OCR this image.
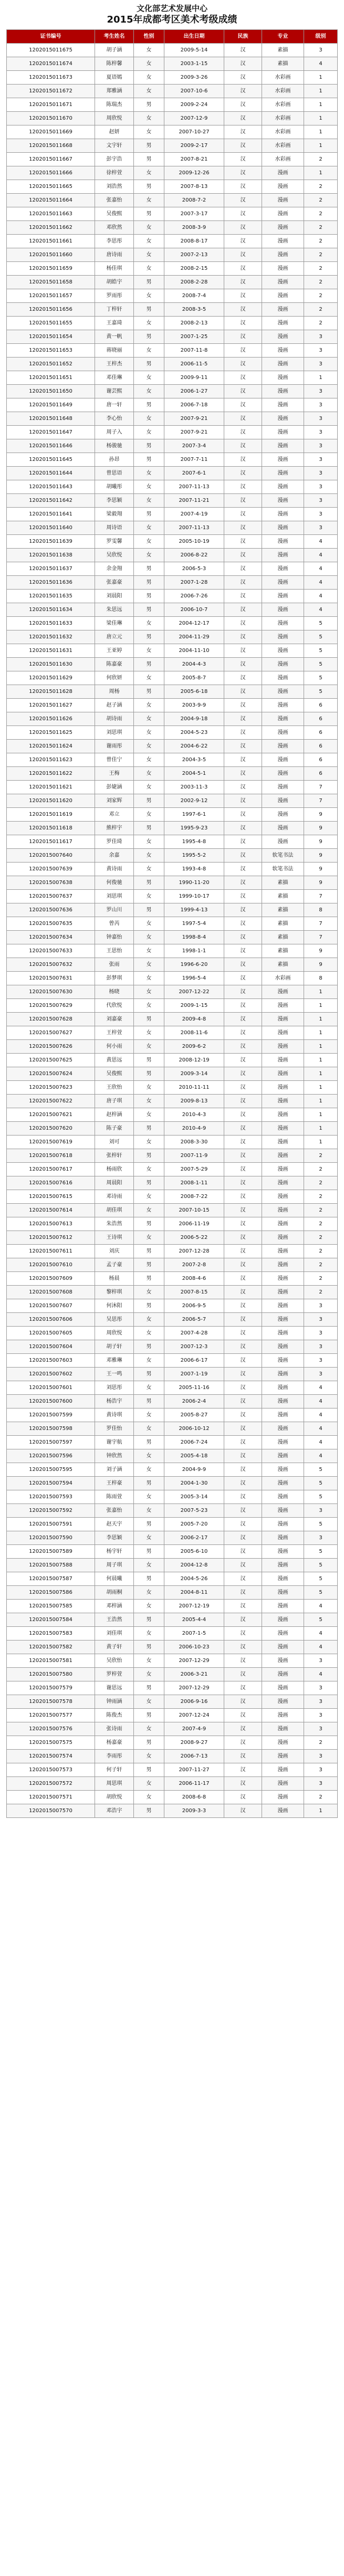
文化部艺术发展中心
2015年成都考区美术考级成绩
证书编号	考生姓名	性别	出生日期	民族	专业	级别
1202015011675	胡子涵	女	2009-5-14	汉	素描	3
1202015011674	陈梓馨	女	2003-1-15	汉	素描	4
1202015011673	夏语嫣	女	2009-3-26	汉	水彩画	1
1202015011672	郑雅涵	女	2007-10-6	汉	水彩画	1
1202015011671	陈瑞杰	男	2009-2-24	汉	水彩画	1
1202015011670	周欣悦	女	2007-12-9	汉	水彩画	1
1202015011669	赵妍	女	2007-10-27	汉	水彩画	1
1202015011668	文宇轩	男	2009-2-17	汉	水彩画	1
1202015011667	彭宇浩	男	2007-8-21	汉	水彩画	2
1202015011666	徐梓萱	女	2009-12-26	汉	漫画	1
1202015011665	刘浩然	男	2007-8-13	汉	漫画	2
1202015011664	张嘉怡	女	2008-7-2	汉	漫画	2
1202015011663	吴俊熙	男	2007-3-17	汉	漫画	2
1202015011662	邓欣然	女	2008-3-9	汉	漫画	2
1202015011661	李思彤	女	2008-8-17	汉	漫画	2
1202015011660	唐诗雨	女	2007-2-13	汉	漫画	2
1202015011659	杨佳琪	女	2008-2-15	汉	漫画	2
1202015011658	胡皓宇	男	2008-2-28	汉	漫画	2
1202015011657	罗雨彤	女	2008-7-4	汉	漫画	2
1202015011656	丁梓轩	男	2008-3-5	汉	漫画	2
1202015011655	王嘉琦	女	2008-2-13	汉	漫画	2
1202015011654	黄一帆	男	2007-1-25	汉	漫画	3
1202015011653	蒋晓丽	女	2007-11-8	汉	漫画	3
1202015011652	王梓杰	男	2006-11-5	汉	漫画	3
1202015011651	邓佳琳	女	2009-9-11	汉	漫画	1
1202015011650	谢芸熙	女	2006-1-27	汉	漫画	3
1202015011649	唐一轩	男	2006-7-18	汉	漫画	3
1202015011648	李心怡	女	2007-9-21	汉	漫画	3
1202015011647	周子入	女	2007-9-21	汉	漫画	3
1202015011646	杨骏驰	男	2007-3-4	汉	漫画	3
1202015011645	孙昂	男	2007-7-11	汉	漫画	3
1202015011644	曾思语	女	2007-6-1	汉	漫画	3
1202015011643	胡曦彤	女	2007-11-13	汉	漫画	3
1202015011642	李思颖	女	2007-11-21	汉	漫画	3
1202015011641	梁毅翔	男	2007-4-19	汉	漫画	3
1202015011640	周诗语	女	2007-11-13	汉	漫画	3
1202015011639	罗雯馨	女	2005-10-19	汉	漫画	4
1202015011638	吴欣悦	女	2006-8-22	汉	漫画	4
1202015011637	余金翔	男	2006-5-3	汉	漫画	4
1202015011636	张嘉豪	男	2007-1-28	汉	漫画	4
1202015011635	刘晨阳	男	2006-7-26	汉	漫画	4
1202015011634	朱思远	男	2006-10-7	汉	漫画	4
1202015011633	梁佳琳	女	2004-12-17	汉	漫画	5
1202015011632	唐立元	男	2004-11-29	汉	漫画	5
1202015011631	王亚婷	女	2004-11-10	汉	漫画	5
1202015011630	陈嘉豪	男	2004-4-3	汉	漫画	5
1202015011629	何欣妍	女	2005-8-7	汉	漫画	5
1202015011628	周杨	男	2005-6-18	汉	漫画	5
1202015011627	赵子涵	女	2003-9-9	汉	漫画	6
1202015011626	胡诗雨	女	2004-9-18	汉	漫画	6
1202015011625	刘思琪	女	2004-5-23	汉	漫画	6
1202015011624	谢雨彤	女	2004-6-22	汉	漫画	6
1202015011623	曾佳宁	女	2004-3-5	汉	漫画	6
1202015011622	王梅	女	2004-5-1	汉	漫画	6
1202015011621	彭婕涵	女	2003-11-3	汉	漫画	7
1202015011620	刘家辉	男	2002-9-12	汉	漫画	7
1202015011619	邓立	女	1997-6-1	汉	漫画	9
1202015011618	熊梓宇	男	1995-9-23	汉	漫画	9
1202015011617	罗佳琦	女	1995-4-8	汉	漫画	9
1202015007640	余嘉	女	1995-5-2	汉	软笔书法	9
1202015007639	黄诗雨	女	1993-4-8	汉	软笔书法	9
1202015007638	何俊驰	男	1990-11-20	汉	素描	9
1202015007637	刘思琪	女	1999-10-17	汉	素描	7
1202015007636	罗山川	男	1999-4-13	汉	素描	8
1202015007635	曾芮	女	1997-5-4	汉	素描	7
1202015007634	钟嘉怡	女	1998-8-4	汉	素描	7
1202015007633	王思怡	女	1998-1-1	汉	素描	9
1202015007632	张雨	女	1996-6-20	汉	素描	9
1202015007631	彭梦琪	女	1996-5-4	汉	水彩画	8
1202015007630	杨晓	女	2007-12-22	汉	漫画	1
1202015007629	代欣悦	女	2009-1-15	汉	漫画	1
1202015007628	刘嘉豪	男	2009-4-8	汉	漫画	1
1202015007627	王梓萱	女	2008-11-6	汉	漫画	1
1202015007626	何小雨	女	2009-6-2	汉	漫画	1
1202015007625	黄思远	男	2008-12-19	汉	漫画	1
1202015007624	吴俊熙	男	2009-3-14	汉	漫画	1
1202015007623	王欣怡	女	2010-11-11	汉	漫画	1
1202015007622	唐子琪	女	2009-8-13	汉	漫画	1
1202015007621	赵梓涵	女	2010-4-3	汉	漫画	1
1202015007620	陈子豪	男	2010-4-9	汉	漫画	1
1202015007619	刘可	女	2008-3-30	汉	漫画	1
1202015007618	张梓轩	男	2007-11-9	汉	漫画	2
1202015007617	杨雨欣	女	2007-5-29	汉	漫画	2
1202015007616	周晨阳	男	2008-1-11	汉	漫画	2
1202015007615	邓诗雨	女	2008-7-22	汉	漫画	2
1202015007614	胡佳琪	女	2007-10-15	汉	漫画	2
1202015007613	朱浩然	男	2006-11-19	汉	漫画	2
1202015007612	王诗琪	女	2006-5-22	汉	漫画	2
1202015007611	刘庆	男	2007-12-28	汉	漫画	2
1202015007610	孟子豪	男	2007-2-8	汉	漫画	2
1202015007609	杨晨	男	2008-4-6	汉	漫画	2
1202015007608	黎梓琪	女	2007-8-15	汉	漫画	2
1202015007607	何沐阳	男	2006-9-5	汉	漫画	3
1202015007606	吴思彤	女	2006-5-7	汉	漫画	3
1202015007605	周欣悦	女	2007-4-28	汉	漫画	3
1202015007604	胡子轩	男	2007-12-3	汉	漫画	3
1202015007603	邓雅琳	女	2006-6-17	汉	漫画	3
1202015007602	王一鸣	男	2007-1-19	汉	漫画	3
1202015007601	刘思彤	女	2005-11-16	汉	漫画	4
1202015007600	杨浩宇	男	2006-2-4	汉	漫画	4
1202015007599	黄诗琪	女	2005-8-27	汉	漫画	4
1202015007598	罗佳怡	女	2006-10-12	汉	漫画	4
1202015007597	谢宇航	男	2006-7-24	汉	漫画	4
1202015007596	钟欣然	女	2005-4-18	汉	漫画	4
1202015007595	刘子涵	女	2004-9-9	汉	漫画	5
1202015007594	王梓豪	男	2004-1-30	汉	漫画	5
1202015007593	陈雨萱	女	2005-3-14	汉	漫画	5
1202015007592	张嘉怡	女	2007-5-23	汉	漫画	3
1202015007591	赵天宇	男	2005-7-20	汉	漫画	5
1202015007590	李思颖	女	2006-2-17	汉	漫画	3
1202015007589	杨宇轩	男	2005-6-10	汉	漫画	5
1202015007588	周子琪	女	2004-12-8	汉	漫画	5
1202015007587	何晨曦	男	2004-5-26	汉	漫画	5
1202015007586	胡雨桐	女	2004-8-11	汉	漫画	5
1202015007585	邓梓涵	女	2007-12-19	汉	漫画	4
1202015007584	王浩然	男	2005-4-4	汉	漫画	5
1202015007583	刘佳琪	女	2007-1-5	汉	漫画	4
1202015007582	黄子轩	男	2006-10-23	汉	漫画	4
1202015007581	吴欣怡	女	2007-12-29	汉	漫画	3
1202015007580	罗梓萱	女	2006-3-21	汉	漫画	4
1202015007579	谢思远	男	2007-12-29	汉	漫画	3
1202015007578	钟雨涵	女	2006-9-16	汉	漫画	3
1202015007577	陈俊杰	男	2007-12-24	汉	漫画	3
1202015007576	张诗雨	女	2007-4-9	汉	漫画	3
1202015007575	杨嘉豪	男	2008-9-27	汉	漫画	2
1202015007574	李雨彤	女	2006-7-13	汉	漫画	3
1202015007573	何子轩	男	2007-11-27	汉	漫画	3
1202015007572	周思琪	女	2006-11-17	汉	漫画	3
1202015007571	胡欣悦	女	2008-6-8	汉	漫画	2
1202015007570	邓浩宇	男	2009-3-3	汉	漫画	1
